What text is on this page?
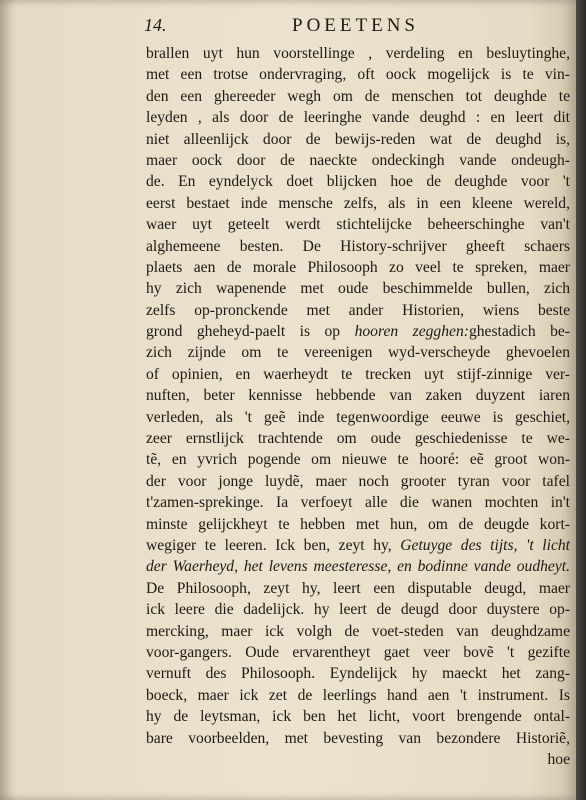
14.	POEETENS
brallen uyt hun voorstellinge , verdeling en besluytinghe,
met een trotse ondervraging, oft oock mogelijck is te vin-
den een ghereeder wegh om de menschen tot deughde te
leyden , als door de leeringhe vande deughd : en leert dit
niet alleenlijck door de bewijs-reden wat de deughd is,
maer oock door de naeckte ondeckingh vande ondeugh-
de. En eyndelyck doet blijcken hoe de deughde voor 't
eerst bestaet inde mensche zelfs, als in een kleene wereld,
waer uyt geteelt werdt stichtelijcke beheerschinghe van't
alghemeene besten. De History-schrijver gheeft schaers
plaets aen de morale Philosooph zo veel te spreken, maer
hy zich wapenende met oude beschimmelde bullen, zich
zelfs op-pronckende met ander Historien, wiens beste
grond gheheyd-paelt is op hooren zegghen:ghestadich be-
zich zijnde om te vereenigen wyd-verscheyde ghevoelen
of opinien, en waerheydt te trecken uyt stijf-zinnige ver-
nuften, beter kennisse hebbende van zaken duyzent iaren
verleden, als 't geẽ inde tegenwoordige eeuwe is geschiet,
zeer ernstlijck trachtende om oude geschiedenisse te we-
tẽ, en yvrich pogende om nieuwe te hooré: eẽ groot won-
der voor jonge luydẽ, maer noch grooter tyran voor tafel
t'zamen-sprekinge. Ia verfoeyt alle die wanen mochten in't
minste gelijckheyt te hebben met hun, om de deugde kort-
wegiger te leeren. Ick ben, zeyt hy, Getuyge des tijts, 't licht
der Waerheyd, het levens meesteresse, en bodinne vande oudheyt.
De Philosooph, zeyt hy, leert een disputable deugd, maer
ick leere die dadelijck. hy leert de deugd door duystere op-
mercking, maer ick volgh de voet-steden van deughdzame
voor-gangers. Oude ervarentheyt gaet veer bovẽ 't gezifte
vernuft des Philosooph. Eyndelijck hy maeckt het zang-
boeck, maer ick zet de leerlings hand aen 't instrument. Is
hy de leytsman, ick ben het licht, voort brengende ontal-
bare voorbeelden, met bevesting van bezondere Historiẽ,
hoe
